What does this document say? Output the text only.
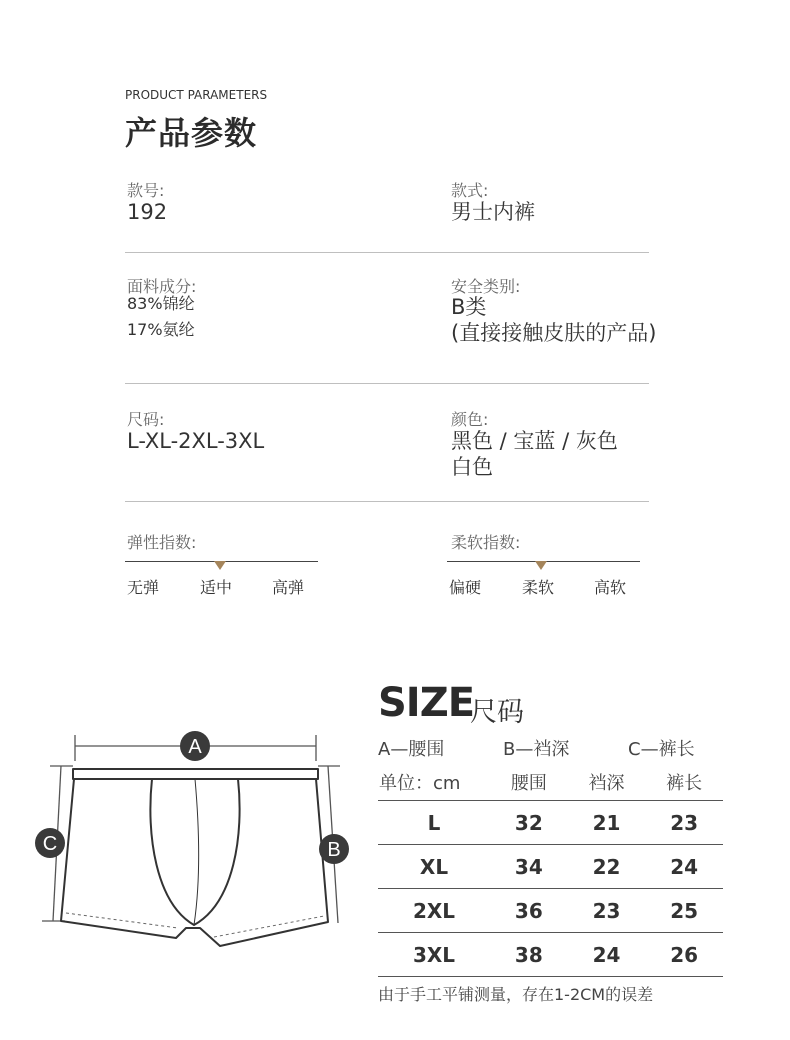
PRODUCT PARAMETERS
产品参数
款号:
192
款式:
男士内裤
面料成分:
83%锦纶
17%氨纶
安全类别:
B类
(直接接触皮肤的产品)
尺码:
L-XL-2XL-3XL
颜色:
黑色 / 宝蓝 / 灰色
白色
弹性指数:
无弹	适中 高弹
柔软指数:
偏硬	柔软 高软
A
B
C
SIZE
尺码
A—腰围	B—裆深	C—裤长
单位：cm	腰围	裆深	裤长
L	32	21	23
XL	34	22	24
2XL	36	23	25
3XL	38	24	26
由于手工平铺测量，存在1-2CM的误差
